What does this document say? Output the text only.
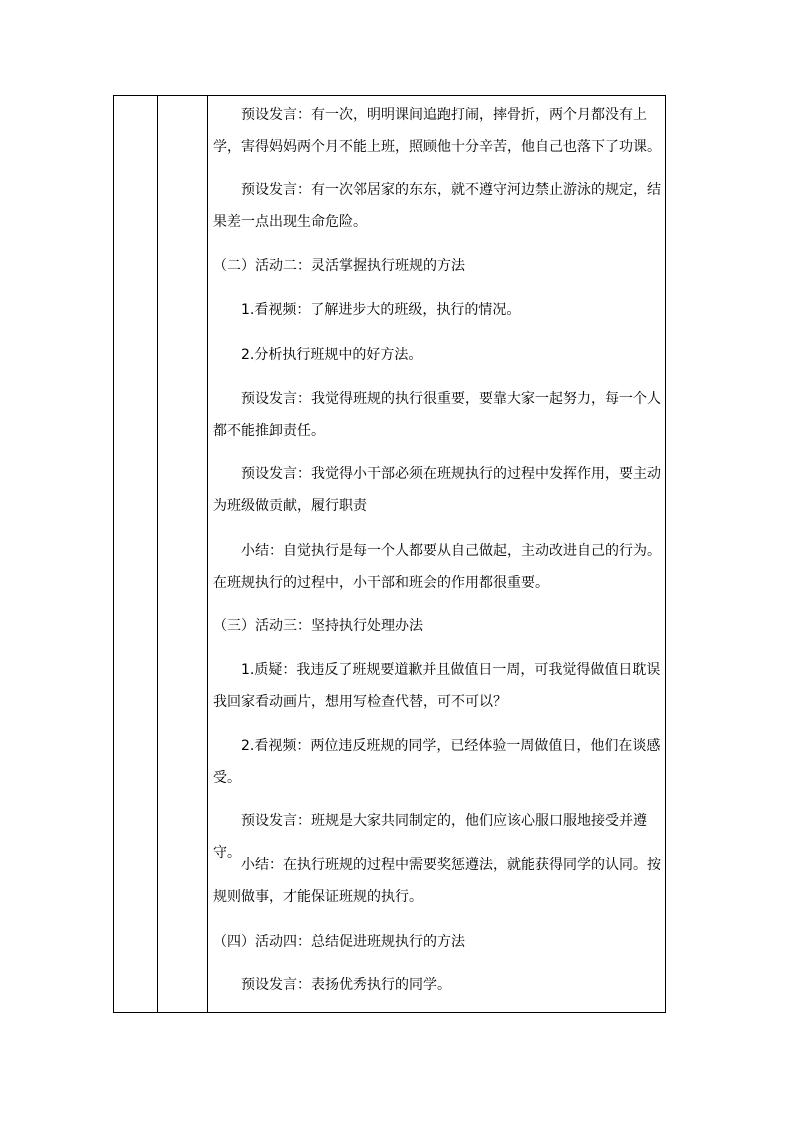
预设发言：有一次，明明课间追跑打闹，摔骨折，两个月都没有上学，害得妈妈两个月不能上班，照顾他十分辛苦，他自己也落下了功课。

预设发言：有一次邻居家的东东，就不遵守河边禁止游泳的规定，结果差一点出现生命危险。

（二）活动二：灵活掌握执行班规的方法

1.看视频：了解进步大的班级，执行的情况。

2.分析执行班规中的好方法。

预设发言：我觉得班规的执行很重要，要靠大家一起努力，每一个人都不能推卸责任。

预设发言：我觉得小干部必须在班规执行的过程中发挥作用，要主动为班级做贡献，履行职责

小结：自觉执行是每一个人都要从自己做起，主动改进自己的行为。在班规执行的过程中，小干部和班会的作用都很重要。

（三）活动三：坚持执行处理办法

1.质疑：我违反了班规要道歉并且做值日一周，可我觉得做值日耽误我回家看动画片，想用写检查代替，可不可以？

2.看视频：两位违反班规的同学，已经体验一周做值日，他们在谈感受。

预设发言：班规是大家共同制定的，他们应该心服口服地接受并遵守。

小结：在执行班规的过程中需要奖惩遵法，就能获得同学的认同。按规则做事，才能保证班规的执行。

（四）活动四：总结促进班规执行的方法

预设发言：表扬优秀执行的同学。
